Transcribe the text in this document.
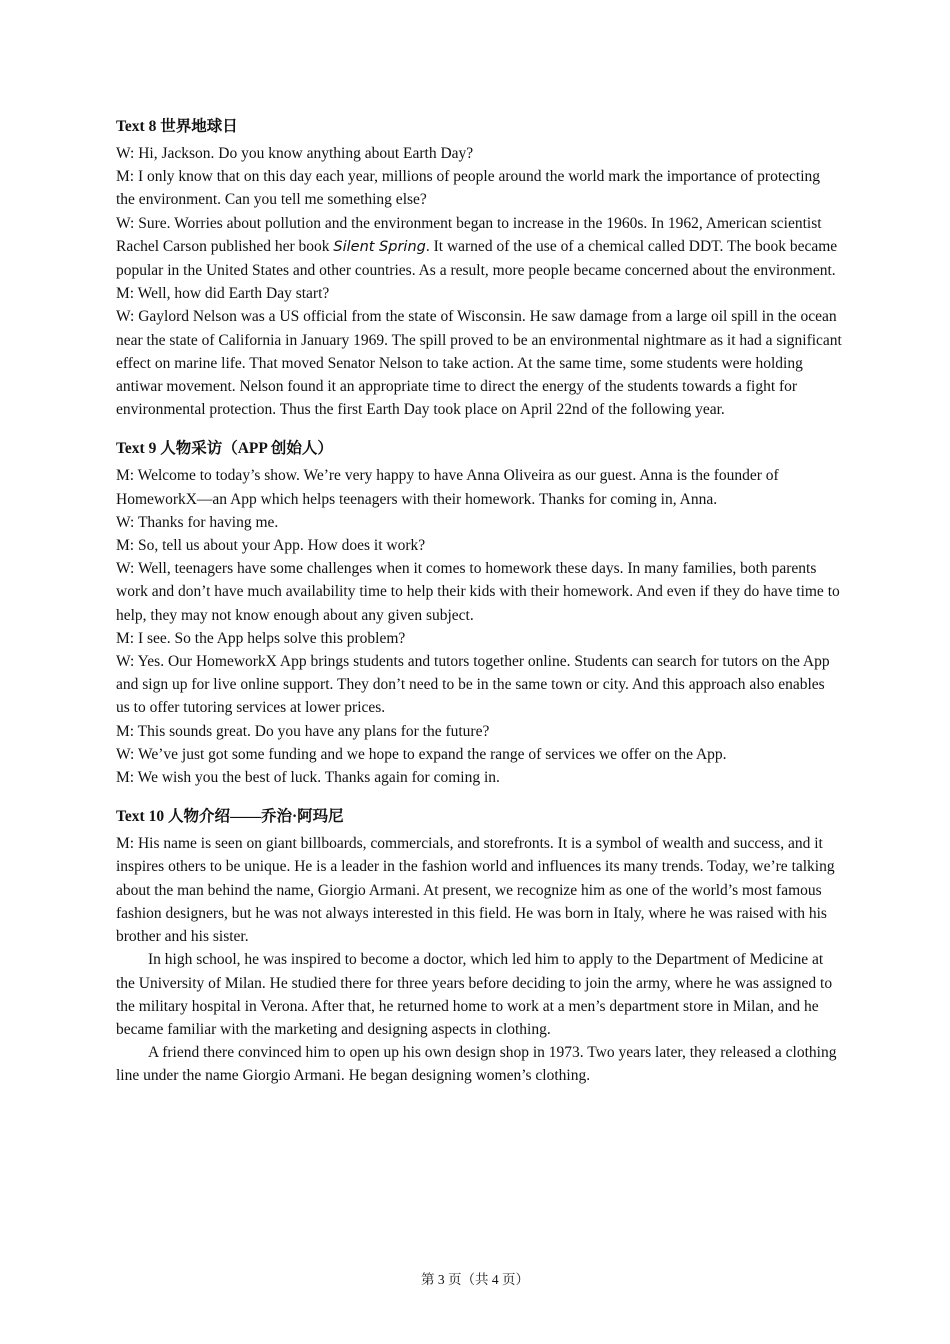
Text 8 世界地球日

W: Hi, Jackson. Do you know anything about Earth Day?

M: I only know that on this day each year, millions of people around the world mark the importance of protecting the environment. Can you tell me something else?

W: Sure. Worries about pollution and the environment began to increase in the 1960s. In 1962, American scientist Rachel Carson published her book Silent Spring. It warned of the use of a chemical called DDT. The book became popular in the United States and other countries. As a result, more people became concerned about the environment.

M: Well, how did Earth Day start?

W: Gaylord Nelson was a US official from the state of Wisconsin. He saw damage from a large oil spill in the ocean near the state of California in January 1969. The spill proved to be an environmental nightmare as it had a significant effect on marine life. That moved Senator Nelson to take action. At the same time, some students were holding antiwar movement. Nelson found it an appropriate time to direct the energy of the students towards a fight for environmental protection. Thus the first Earth Day took place on April 22nd of the following year.

Text 9 人物采访（APP 创始人）

M: Welcome to today’s show. We’re very happy to have Anna Oliveira as our guest. Anna is the founder of HomeworkX—an App which helps teenagers with their homework. Thanks for coming in, Anna.

W: Thanks for having me.

M: So, tell us about your App. How does it work?

W: Well, teenagers have some challenges when it comes to homework these days. In many families, both parents work and don’t have much availability time to help their kids with their homework. And even if they do have time to help, they may not know enough about any given subject.

M: I see. So the App helps solve this problem?

W: Yes. Our HomeworkX App brings students and tutors together online. Students can search for tutors on the App and sign up for live online support. They don’t need to be in the same town or city. And this approach also enables us to offer tutoring services at lower prices.

M: This sounds great. Do you have any plans for the future?

W: We’ve just got some funding and we hope to expand the range of services we offer on the App.

M: We wish you the best of luck. Thanks again for coming in.

Text 10 人物介绍——乔治·阿玛尼

M: His name is seen on giant billboards, commercials, and storefronts. It is a symbol of wealth and success, and it inspires others to be unique. He is a leader in the fashion world and influences its many trends. Today, we’re talking about the man behind the name, Giorgio Armani. At present, we recognize him as one of the world’s most famous fashion designers, but he was not always interested in this field. He was born in Italy, where he was raised with his brother and his sister.

In high school, he was inspired to become a doctor, which led him to apply to the Department of Medicine at the University of Milan. He studied there for three years before deciding to join the army, where he was assigned to the military hospital in Verona. After that, he returned home to work at a men’s department store in Milan, and he became familiar with the marketing and designing aspects in clothing.

A friend there convinced him to open up his own design shop in 1973. Two years later, they released a clothing line under the name Giorgio Armani. He began designing women’s clothing.

第 3 页（共 4 页）
